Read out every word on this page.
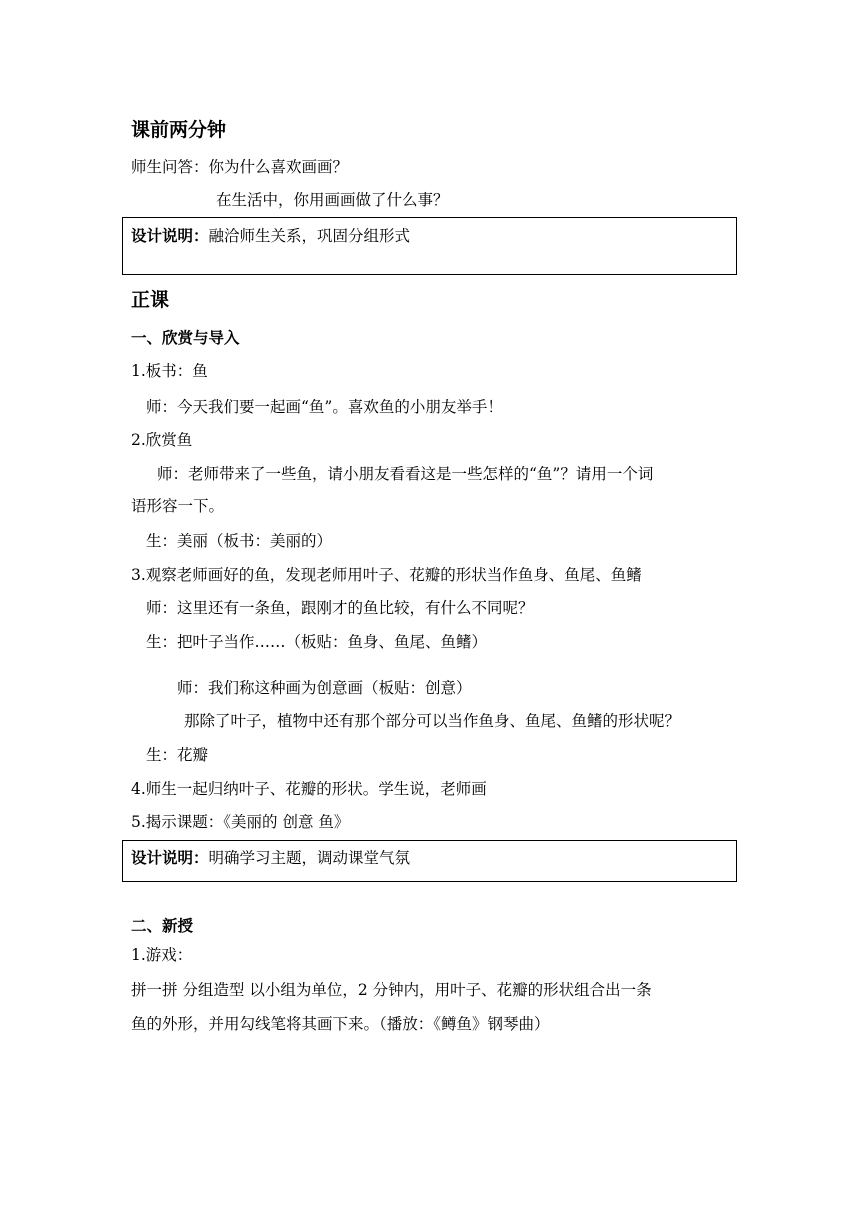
课前两分钟
师生问答：你为什么喜欢画画？
在生活中，你用画画做了什么事？
设计说明：融洽师生关系，巩固分组形式
正课
一、欣赏与导入
1.板书：鱼
师：今天我们要一起画“鱼”。喜欢鱼的小朋友举手！
2.欣赏鱼
师：老师带来了一些鱼，请小朋友看看这是一些怎样的“鱼”？请用一个词
语形容一下。
生：美丽（板书：美丽的）
3.观察老师画好的鱼，发现老师用叶子、花瓣的形状当作鱼身、鱼尾、鱼鳍
师：这里还有一条鱼，跟刚才的鱼比较，有什么不同呢？
生：把叶子当作……（板贴：鱼身、鱼尾、鱼鳍）
师：我们称这种画为创意画（板贴：创意）
那除了叶子，植物中还有那个部分可以当作鱼身、鱼尾、鱼鳍的形状呢？
生：花瓣
4.师生一起归纳叶子、花瓣的形状。学生说，老师画
5.揭示课题：《美丽的 创意 鱼》
设计说明：明确学习主题，调动课堂气氛
二、新授
1.游戏：
拼一拼 分组造型 以小组为单位，2 分钟内，用叶子、花瓣的形状组合出一条
鱼的外形，并用勾线笔将其画下来。（播放：《鳟鱼》钢琴曲）
